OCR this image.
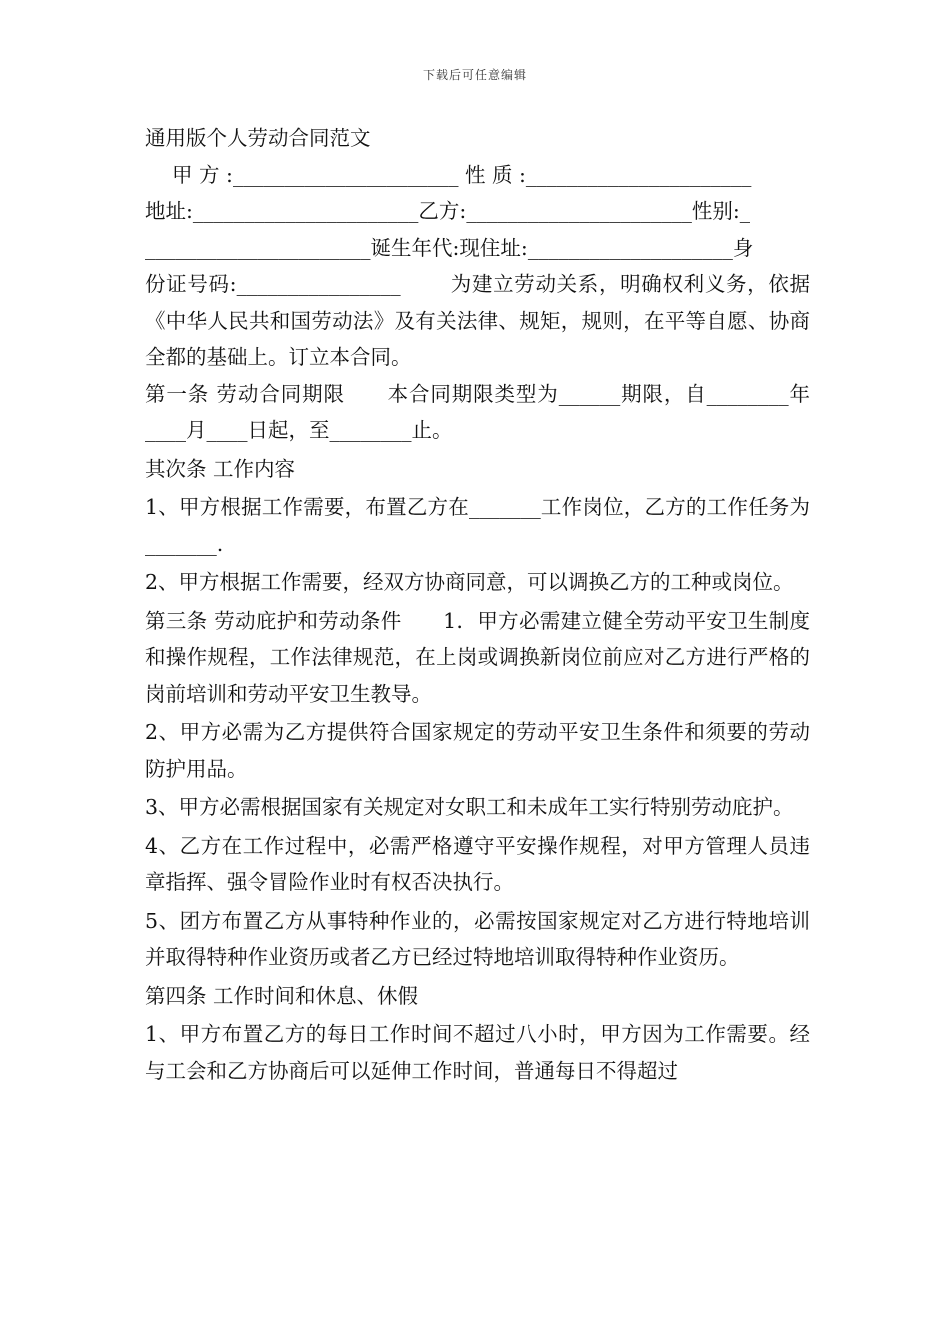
下载后可任意编辑

通用版个人劳动合同范文

　 甲 方 :______________________ 性 质 :______________________

地址:______________________乙方:______________________性别:_

______________________诞生年代:现住址:____________________身

份证号码:________________　　 为建立劳动关系，明确权利义务，依据《中华人民共和国劳动法》及有关法律、规矩，规则，在平等自愿、协商全都的基础上。订立本合同。

第一条 劳动合同期限　　本合同期限类型为______期限，自________年____月____日起，至________止。

其次条 工作内容

1、甲方根据工作需要，布置乙方在_______工作岗位，乙方的工作任务为_______.

2、甲方根据工作需要，经双方协商同意，可以调换乙方的工种或岗位。

第三条 劳动庇护和劳动条件　　1．甲方必需建立健全劳动平安卫生制度和操作规程，工作法律规范，在上岗或调换新岗位前应对乙方进行严格的岗前培训和劳动平安卫生教导。

2、甲方必需为乙方提供符合国家规定的劳动平安卫生条件和须要的劳动防护用品。

3、甲方必需根据国家有关规定对女职工和未成年工实行特别劳动庇护。

4、乙方在工作过程中，必需严格遵守平安操作规程，对甲方管理人员违章指挥、强令冒险作业时有权否决执行。

5、团方布置乙方从事特种作业的，必需按国家规定对乙方进行特地培训并取得特种作业资历或者乙方已经过特地培训取得特种作业资历。

第四条 工作时间和休息、休假

1、甲方布置乙方的每日工作时间不超过八小时，甲方因为工作需要。经与工会和乙方协商后可以延伸工作时间，普通每日不得超过
